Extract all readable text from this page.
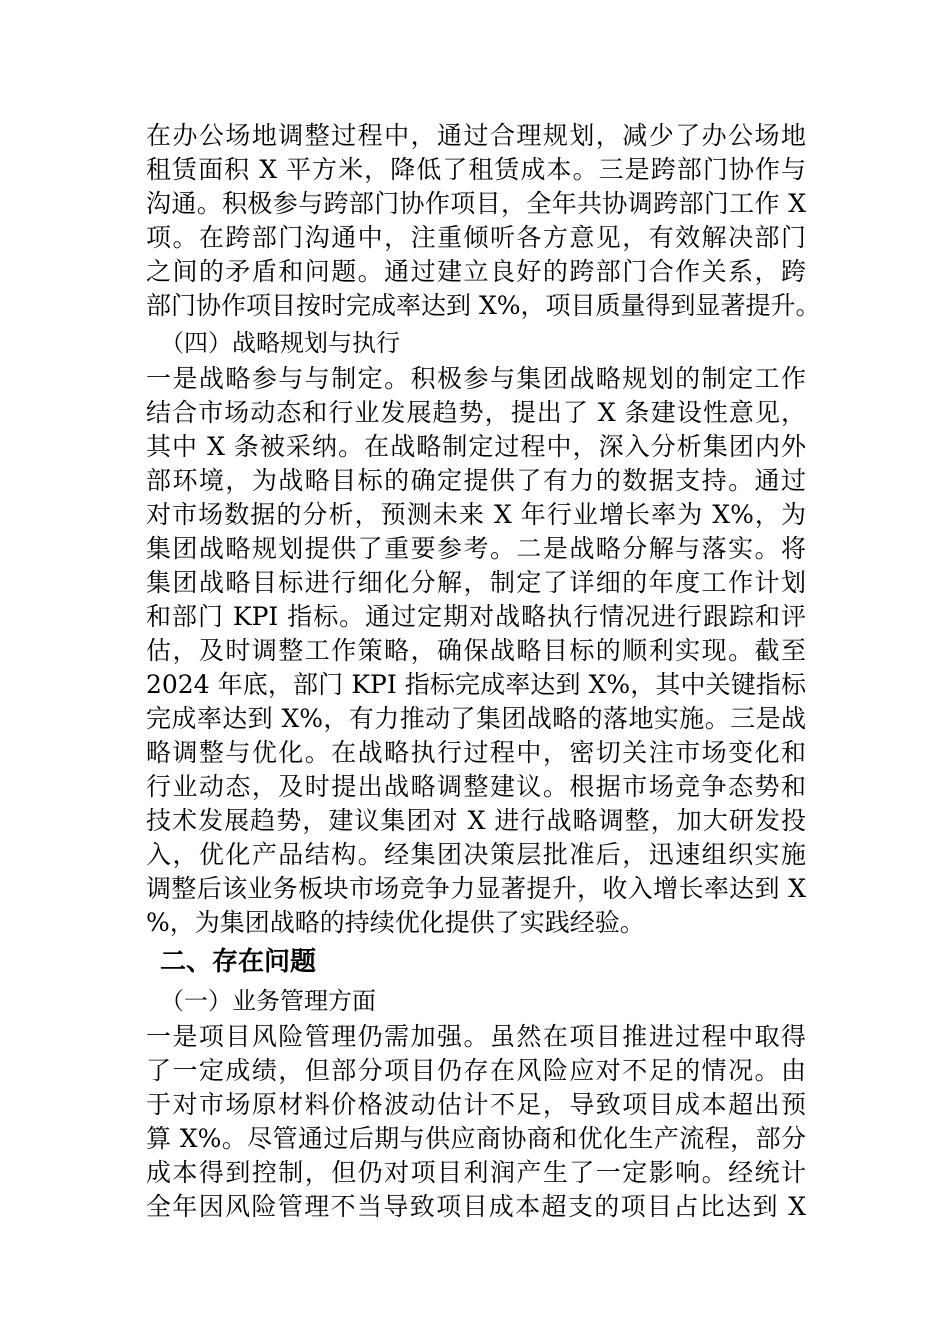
在办公场地调整过程中，通过合理规划，减少了办公场地
租赁面积 X 平方米，降低了租赁成本。三是跨部门协作与
沟通。积极参与跨部门协作项目，全年共协调跨部门工作 X
项。在跨部门沟通中，注重倾听各方意见，有效解决部门
之间的矛盾和问题。通过建立良好的跨部门合作关系，跨
部门协作项目按时完成率达到 X%，项目质量得到显著提升。
（四）战略规划与执行
一是战略参与与制定。积极参与集团战略规划的制定工作
结合市场动态和行业发展趋势，提出了 X 条建设性意见，
其中 X 条被采纳。在战略制定过程中，深入分析集团内外
部环境，为战略目标的确定提供了有力的数据支持。通过
对市场数据的分析，预测未来 X 年行业增长率为 X%，为
集团战略规划提供了重要参考。二是战略分解与落实。将
集团战略目标进行细化分解，制定了详细的年度工作计划
和部门 KPI 指标。通过定期对战略执行情况进行跟踪和评
估，及时调整工作策略，确保战略目标的顺利实现。截至
2024 年底，部门 KPI 指标完成率达到 X%，其中关键指标
完成率达到 X%，有力推动了集团战略的落地实施。三是战
略调整与优化。在战略执行过程中，密切关注市场变化和
行业动态，及时提出战略调整建议。根据市场竞争态势和
技术发展趋势，建议集团对 X 进行战略调整，加大研发投
入，优化产品结构。经集团决策层批准后，迅速组织实施
调整后该业务板块市场竞争力显著提升，收入增长率达到 X
%，为集团战略的持续优化提供了实践经验。
二、存在问题
（一）业务管理方面
一是项目风险管理仍需加强。虽然在项目推进过程中取得
了一定成绩，但部分项目仍存在风险应对不足的情况。由
于对市场原材料价格波动估计不足，导致项目成本超出预
算 X%。尽管通过后期与供应商协商和优化生产流程，部分
成本得到控制，但仍对项目利润产生了一定影响。经统计
全年因风险管理不当导致项目成本超支的项目占比达到 X
